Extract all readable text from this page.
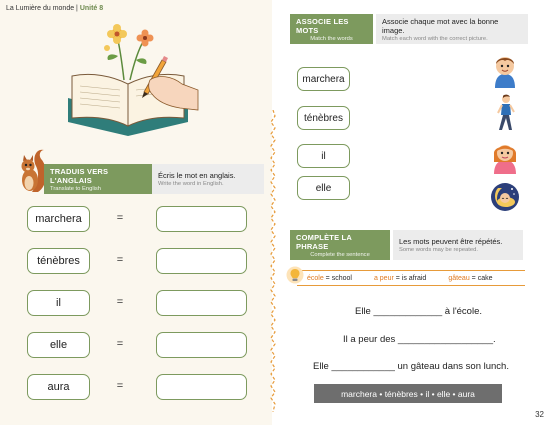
La Lumière du monde | Unité 8
TRADUIS VERS L'ANGLAIS
Translate to English
Écris le mot en anglais.
Write the word in English.
marchera	=
ténèbres	=
il	=
elle	=
aura	=
ASSOCIE LES MOTS
Match the words
Associe chaque mot avec la bonne image.
Match each word with the correct picture.
marchera
ténèbres
il
elle
COMPLÈTE LA PHRASE
Complete the sentence
Les mots peuvent être répétés.
Some words may be repeated.
école = school	a peur = is afraid	gâteau = cake
Elle _____________ à l'école.
Il a peur des __________________.
Elle ____________ un gâteau dans son lunch.
marchera • ténèbres • il • elle • aura
32
